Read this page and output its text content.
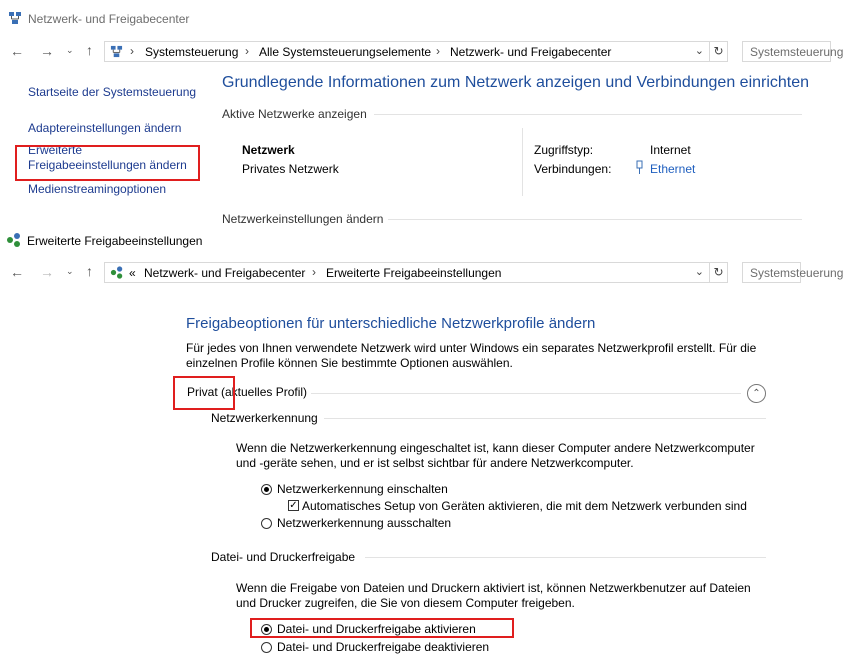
Netzwerk- und Freigabecenter
← → ⌄ ↑	› Systemsteuerung › Alle Systemsteuerungselemente › Netzwerk- und Freigabecenter	⌄ ↻	Systemsteuerung
Startseite der Systemsteuerung
Adaptereinstellungen ändern
Erweiterte
Freigabeeinstellungen ändern
Medienstreamingoptionen
Grundlegende Informationen zum Netzwerk anzeigen und Verbindungen einrichten
Aktive Netzwerke anzeigen
Netzwerk
Privates Netzwerk
Zugriffstyp:	Internet
Verbindungen:	Ethernet
Netzwerkeinstellungen ändern
Erweiterte Freigabeeinstellungen
← → ⌄ ↑	« Netzwerk- und Freigabecenter › Erweiterte Freigabeeinstellungen	⌄ ↻	Systemsteuerung
Freigabeoptionen für unterschiedliche Netzwerkprofile ändern
Für jedes von Ihnen verwendete Netzwerk wird unter Windows ein separates Netzwerkprofil erstellt. Für die
einzelnen Profile können Sie bestimmte Optionen auswählen.
Privat (aktuelles Profil)	⌃
Netzwerkerkennung
Wenn die Netzwerkerkennung eingeschaltet ist, kann dieser Computer andere Netzwerkcomputer
und -geräte sehen, und er ist selbst sichtbar für andere Netzwerkcomputer.
Netzwerkerkennung einschalten
✓ Automatisches Setup von Geräten aktivieren, die mit dem Netzwerk verbunden sind
Netzwerkerkennung ausschalten
Datei- und Druckerfreigabe
Wenn die Freigabe von Dateien und Druckern aktiviert ist, können Netzwerkbenutzer auf Dateien
und Drucker zugreifen, die Sie von diesem Computer freigeben.
Datei- und Druckerfreigabe aktivieren
Datei- und Druckerfreigabe deaktivieren
